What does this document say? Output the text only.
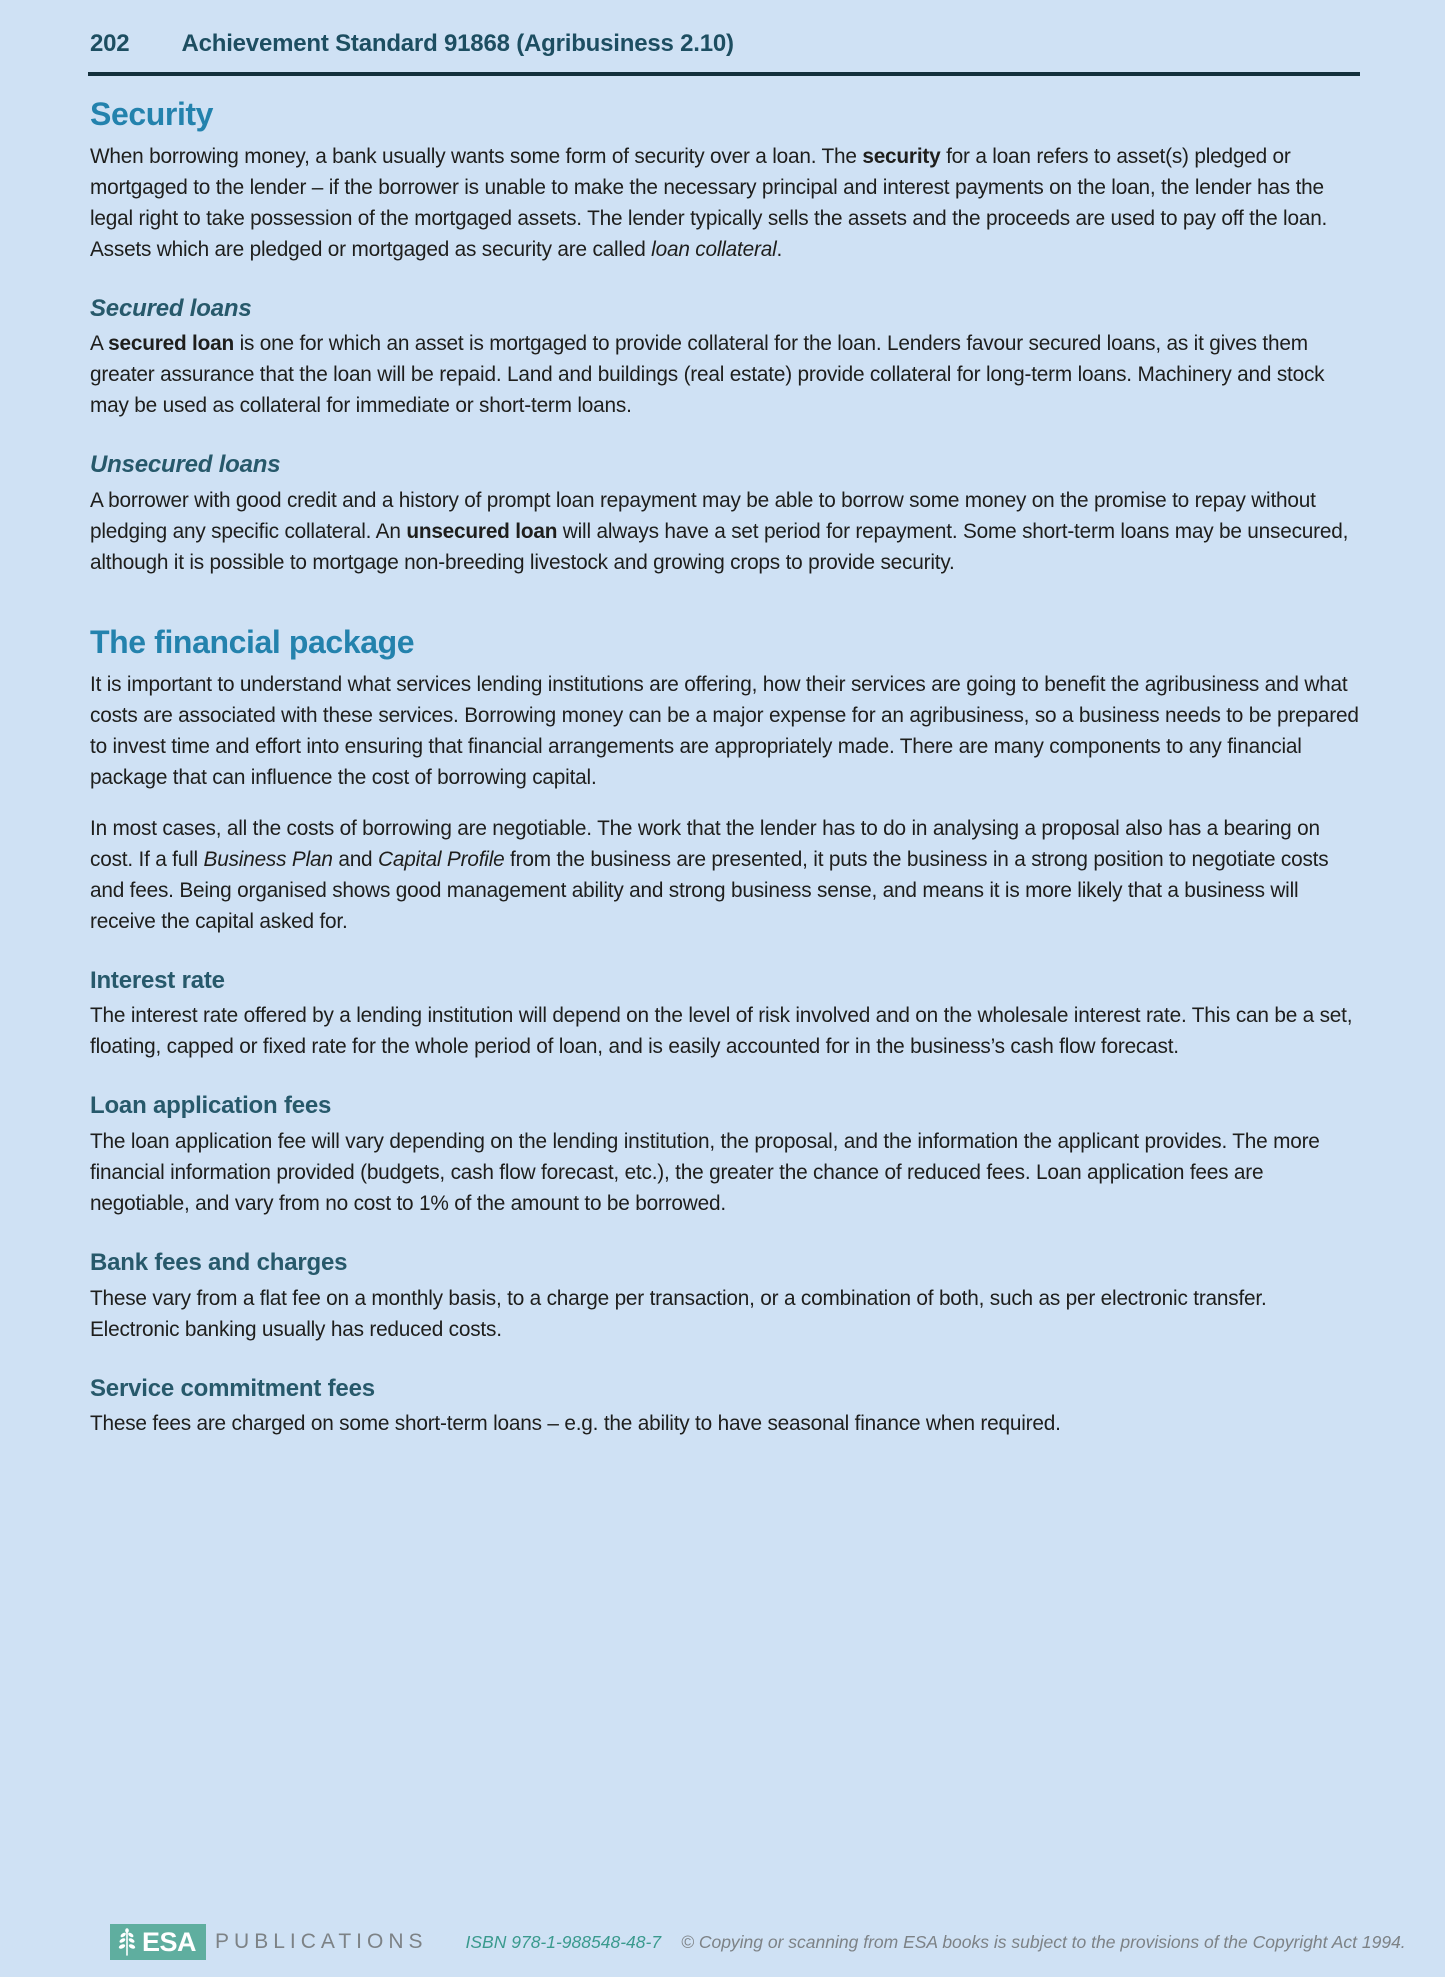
202 Achievement Standard 91868 (Agribusiness 2.10)
Security

When borrowing money, a bank usually wants some form of security over a loan. The security for a loan refers to asset(s) pledged or mortgaged to the lender – if the borrower is unable to make the necessary principal and interest payments on the loan, the lender has the legal right to take possession of the mortgaged assets. The lender typically sells the assets and the proceeds are used to pay off the loan. Assets which are pledged or mortgaged as security are called loan collateral.

Secured loans

A secured loan is one for which an asset is mortgaged to provide collateral for the loan. Lenders favour secured loans, as it gives them greater assurance that the loan will be repaid. Land and buildings (real estate) provide collateral for long-term loans. Machinery and stock may be used as collateral for immediate or short-term loans.

Unsecured loans

A borrower with good credit and a history of prompt loan repayment may be able to borrow some money on the promise to repay without pledging any specific collateral. An unsecured loan will always have a set period for repayment. Some short-term loans may be unsecured, although it is possible to mortgage non-breeding livestock and growing crops to provide security.

The financial package

It is important to understand what services lending institutions are offering, how their services are going to benefit the agribusiness and what costs are associated with these services. Borrowing money can be a major expense for an agribusiness, so a business needs to be prepared to invest time and effort into ensuring that financial arrangements are appropriately made. There are many components to any financial package that can influence the cost of borrowing capital.

In most cases, all the costs of borrowing are negotiable. The work that the lender has to do in analysing a proposal also has a bearing on cost. If a full Business Plan and Capital Profile from the business are presented, it puts the business in a strong position to negotiate costs and fees. Being organised shows good management ability and strong business sense, and means it is more likely that a business will receive the capital asked for.

Interest rate

The interest rate offered by a lending institution will depend on the level of risk involved and on the wholesale interest rate. This can be a set, floating, capped or fixed rate for the whole period of loan, and is easily accounted for in the business’s cash flow forecast.

Loan application fees

The loan application fee will vary depending on the lending institution, the proposal, and the information the applicant provides. The more financial information provided (budgets, cash flow forecast, etc.), the greater the chance of reduced fees. Loan application fees are negotiable, and vary from no cost to 1% of the amount to be borrowed.

Bank fees and charges

These vary from a flat fee on a monthly basis, to a charge per transaction, or a combination of both, such as per electronic transfer. Electronic banking usually has reduced costs.

Service commitment fees

These fees are charged on some short-term loans – e.g. the ability to have seasonal finance when required.

ESA PUBLICATIONS ISBN 978-1-988548-48-7 © Copying or scanning from ESA books is subject to the provisions of the Copyright Act 1994.
